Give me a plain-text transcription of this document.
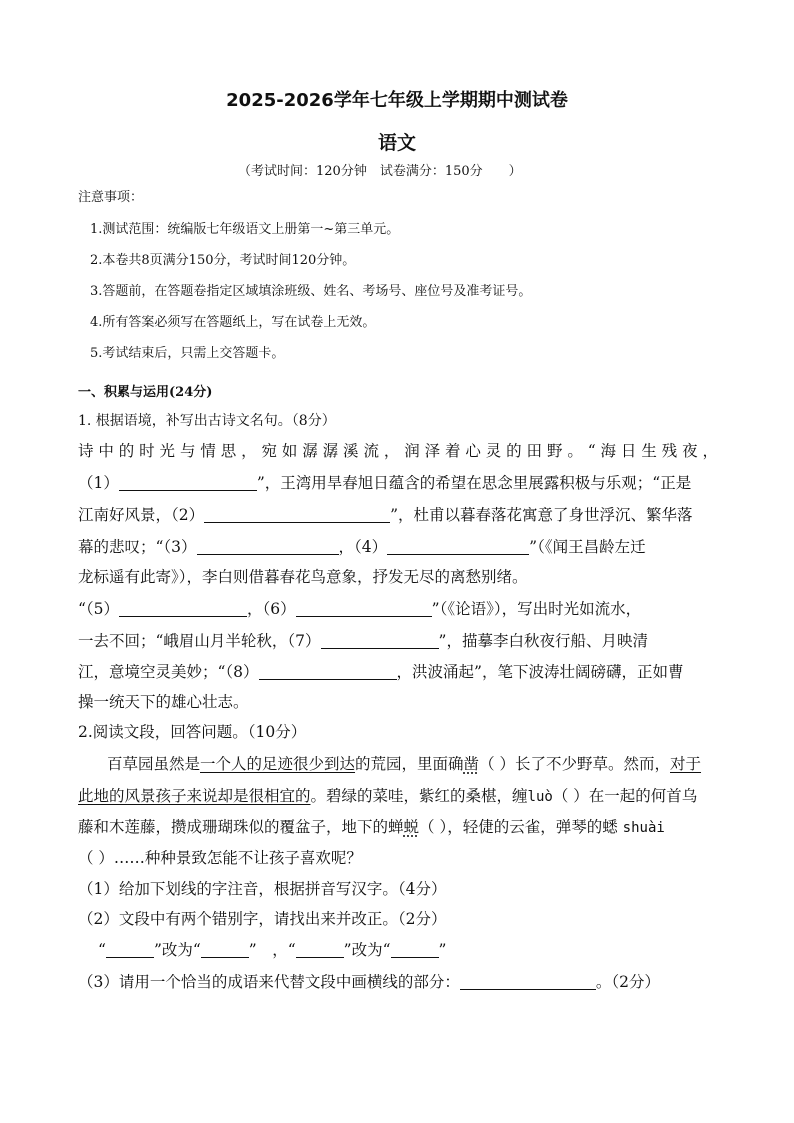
2025-2026学年七年级上学期期中测试卷
语文
（考试时间：120分钟　试卷满分：150分　　）
注意事项：
1.测试范围：统编版七年级语文上册第一~第三单元。
2.本卷共8页满分150分，考试时间120分钟。
3.答题前，在答题卷指定区域填涂班级、姓名、考场号、座位号及准考证号。
4.所有答案必须写在答题纸上，写在试卷上无效。
5.考试结束后，只需上交答题卡。
一、积累与运用(24分)
1. 根据语境，补写出古诗文名句。（8分）
诗中的时光与情思，宛如潺潺溪流，润泽着心灵的田野。“海日生残夜，
（1）	”，王湾用旱春旭日蕴含的希望在思念里展露积极与乐观；“正是
江南好风景，（2）	”，杜甫以暮春落花寓意了身世浮沉、繁华落
幕的悲叹；“（3）	，（4）	”（《闻王昌龄左迁
龙标遥有此寄》），李白则借暮春花鸟意象，抒发无尽的离愁别绪。
“（5）	，（6）	”（《论语》），写出时光如流水，
一去不回；“峨眉山月半轮秋，（7）	”，描摹李白秋夜行船、月映清
江，意境空灵美妙；“（8）	，洪波涌起”，笔下波涛壮阔磅礴，正如曹
操一统天下的雄心壮志。
2.阅读文段，回答问题。（10分）
百草园虽然是一个人的足迹很少到达的荒园，里面确凿（ ）长了不少野草。然而，对于
此地的风景孩子来说却是很相宜的。碧绿的菜哇，紫红的桑椹，缠luò（ ）在一起的何首乌
藤和木莲藤，攒成珊瑚珠似的覆盆子，地下的蝉蜕（ ），轻倢的云雀，弹琴的蟋 shuài
（ ）……种种景致怎能不让孩子喜欢呢？
（1）给加下划线的字注音，根据拼音写汉字。（4分）
（2）文段中有两个错别字，请找出来并改正。（2分）
“	”改为“	”　，“	”改为“	”
（3）请用一个恰当的成语来代替文段中画横线的部分：	。（2分）
